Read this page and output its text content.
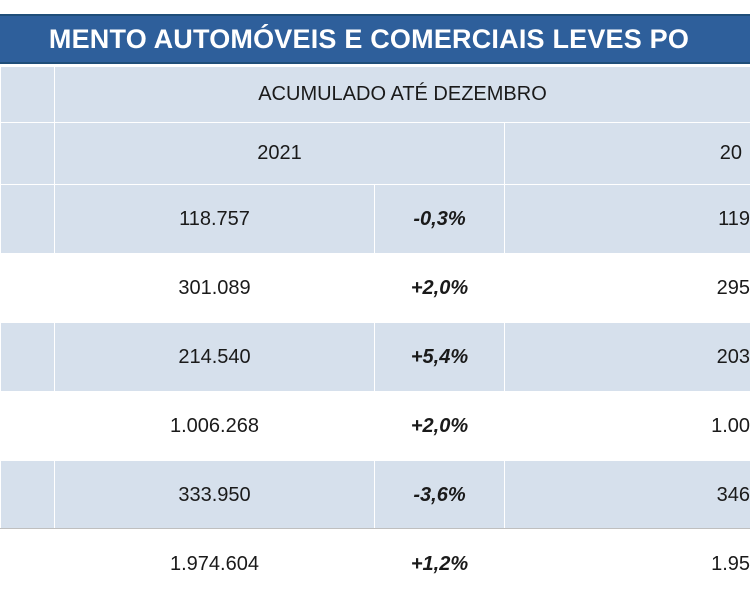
MENTO AUTOMÓVEIS E COMERCIAIS LEVES PO
	ACUMULADO ATÉ DEZEMBRO		
	2021		20
	118.757	-0,3%	119
	301.089	+2,0%	295
	214.540	+5,4%	203
	1.006.268	+2,0%	1.00
	333.950	-3,6%	346
	1.974.604	+1,2%	1.95
